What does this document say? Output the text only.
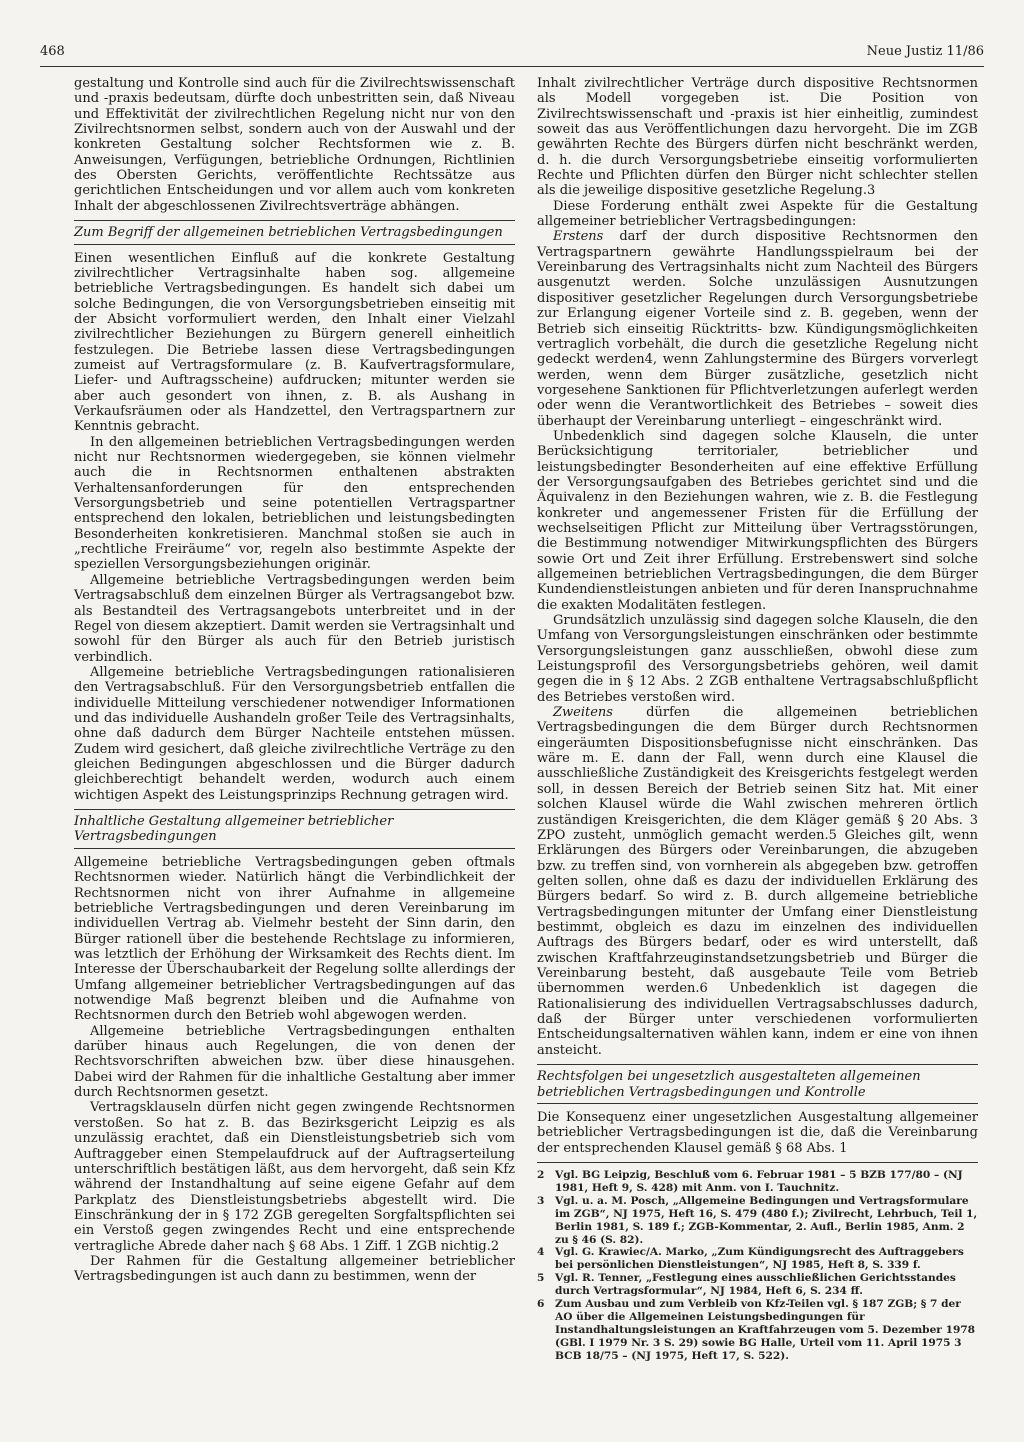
468	Neue Justiz 11/86

gestaltung und Kontrolle sind auch für die Zivilrechtswissenschaft und -praxis bedeutsam, dürfte doch unbestritten sein, daß Niveau und Effektivität der zivilrechtlichen Regelung nicht nur von den Zivilrechtsnormen selbst, sondern auch von der Auswahl und der konkreten Gestaltung solcher Rechtsformen wie z. B. Anweisungen, Verfügungen, betriebliche Ordnungen, Richtlinien des Obersten Gerichts, veröffentlichte Rechtssätze aus gerichtlichen Entscheidungen und vor allem auch vom konkreten Inhalt der abgeschlossenen Zivilrechtsverträge abhängen.

Zum Begriff der allgemeinen betrieblichen Vertragsbedingungen

Einen wesentlichen Einfluß auf die konkrete Gestaltung zivilrechtlicher Vertragsinhalte haben sog. allgemeine betriebliche Vertragsbedingungen. Es handelt sich dabei um solche Bedingungen, die von Versorgungsbetrieben einseitig mit der Absicht vorformuliert werden, den Inhalt einer Vielzahl zivilrechtlicher Beziehungen zu Bürgern generell einheitlich festzulegen. Die Betriebe lassen diese Vertragsbedingungen zumeist auf Vertragsformulare (z. B. Kaufvertragsformulare, Liefer- und Auftragsscheine) aufdrucken; mitunter werden sie aber auch gesondert von ihnen, z. B. als Aushang in Verkaufsräumen oder als Handzettel, den Vertragspartnern zur Kenntnis gebracht.

In den allgemeinen betrieblichen Vertragsbedingungen werden nicht nur Rechtsnormen wiedergegeben, sie können vielmehr auch die in Rechtsnormen enthaltenen abstrakten Verhaltensanforderungen für den entsprechenden Versorgungsbetrieb und seine potentiellen Vertragspartner entsprechend den lokalen, betrieblichen und leistungsbedingten Besonderheiten konkretisieren. Manchmal stoßen sie auch in „rechtliche Freiräume“ vor, regeln also bestimmte Aspekte der speziellen Versorgungsbeziehungen originär.

Allgemeine betriebliche Vertragsbedingungen werden beim Vertragsabschluß dem einzelnen Bürger als Vertragsangebot bzw. als Bestandteil des Vertragsangebots unterbreitet und in der Regel von diesem akzeptiert. Damit werden sie Vertragsinhalt und sowohl für den Bürger als auch für den Betrieb juristisch verbindlich.

Allgemeine betriebliche Vertragsbedingungen rationalisieren den Vertragsabschluß. Für den Versorgungsbetrieb entfallen die individuelle Mitteilung verschiedener notwendiger Informationen und das individuelle Aushandeln großer Teile des Vertragsinhalts, ohne daß dadurch dem Bürger Nachteile entstehen müssen. Zudem wird gesichert, daß gleiche zivilrechtliche Verträge zu den gleichen Bedingungen abgeschlossen und die Bürger dadurch gleichberechtigt behandelt werden, wodurch auch einem wichtigen Aspekt des Leistungsprinzips Rechnung getragen wird.

Inhaltliche Gestaltung allgemeiner betrieblicher Vertragsbedingungen

Allgemeine betriebliche Vertragsbedingungen geben oftmals Rechtsnormen wieder. Natürlich hängt die Verbindlichkeit der Rechtsnormen nicht von ihrer Aufnahme in allgemeine betriebliche Vertragsbedingungen und deren Vereinbarung im individuellen Vertrag ab. Vielmehr besteht der Sinn darin, den Bürger rationell über die bestehende Rechtslage zu informieren, was letztlich der Erhöhung der Wirksamkeit des Rechts dient. Im Interesse der Überschaubarkeit der Regelung sollte allerdings der Umfang allgemeiner betrieblicher Vertragsbedingungen auf das notwendige Maß begrenzt bleiben und die Aufnahme von Rechtsnormen durch den Betrieb wohl abgewogen werden.

Allgemeine betriebliche Vertragsbedingungen enthalten darüber hinaus auch Regelungen, die von denen der Rechtsvorschriften abweichen bzw. über diese hinausgehen. Dabei wird der Rahmen für die inhaltliche Gestaltung aber immer durch Rechtsnormen gesetzt.

Vertragsklauseln dürfen nicht gegen zwingende Rechtsnormen verstoßen. So hat z. B. das Bezirksgericht Leipzig es als unzulässig erachtet, daß ein Dienstleistungsbetrieb sich vom Auftraggeber einen Stempelaufdruck auf der Auftragserteilung unterschriftlich bestätigen läßt, aus dem hervorgeht, daß sein Kfz während der Instandhaltung auf seine eigene Gefahr auf dem Parkplatz des Dienstleistungsbetriebs abgestellt wird. Die Einschränkung der in § 172 ZGB geregelten Sorgfaltspflichten sei ein Verstoß gegen zwingendes Recht und eine entsprechende vertragliche Abrede daher nach § 68 Abs. 1 Ziff. 1 ZGB nichtig.2

Der Rahmen für die Gestaltung allgemeiner betrieblicher Vertragsbedingungen ist auch dann zu bestimmen, wenn der

Inhalt zivilrechtlicher Verträge durch dispositive Rechtsnormen als Modell vorgegeben ist. Die Position von Zivilrechtswissenschaft und -praxis ist hier einheitlig, zumindest soweit das aus Veröffentlichungen dazu hervorgeht. Die im ZGB gewährten Rechte des Bürgers dürfen nicht beschränkt werden, d. h. die durch Versorgungsbetriebe einseitig vorformulierten Rechte und Pflichten dürfen den Bürger nicht schlechter stellen als die jeweilige dispositive gesetzliche Regelung.3

Diese Forderung enthält zwei Aspekte für die Gestaltung allgemeiner betrieblicher Vertragsbedingungen:

Erstens darf der durch dispositive Rechtsnormen den Vertragspartnern gewährte Handlungsspielraum bei der Vereinbarung des Vertragsinhalts nicht zum Nachteil des Bürgers ausgenutzt werden. Solche unzulässigen Ausnutzungen dispositiver gesetzlicher Regelungen durch Versorgungsbetriebe zur Erlangung eigener Vorteile sind z. B. gegeben, wenn der Betrieb sich einseitig Rücktritts- bzw. Kündigungsmöglichkeiten vertraglich vorbehält, die durch die gesetzliche Regelung nicht gedeckt werden4, wenn Zahlungstermine des Bürgers vorverlegt werden, wenn dem Bürger zusätzliche, gesetzlich nicht vorgesehene Sanktionen für Pflichtverletzungen auferlegt werden oder wenn die Verantwortlichkeit des Betriebes – soweit dies überhaupt der Vereinbarung unterliegt – eingeschränkt wird.

Unbedenklich sind dagegen solche Klauseln, die unter Berücksichtigung territorialer, betrieblicher und leistungsbedingter Besonderheiten auf eine effektive Erfüllung der Versorgungsaufgaben des Betriebes gerichtet sind und die Äquivalenz in den Beziehungen wahren, wie z. B. die Festlegung konkreter und angemessener Fristen für die Erfüllung der wechselseitigen Pflicht zur Mitteilung über Vertragsstörungen, die Bestimmung notwendiger Mitwirkungspflichten des Bürgers sowie Ort und Zeit ihrer Erfüllung. Erstrebenswert sind solche allgemeinen betrieblichen Vertragsbedingungen, die dem Bürger Kundendienstleistungen anbieten und für deren Inanspruchnahme die exakten Modalitäten festlegen.

Grundsätzlich unzulässig sind dagegen solche Klauseln, die den Umfang von Versorgungsleistungen einschränken oder bestimmte Versorgungsleistungen ganz ausschließen, obwohl diese zum Leistungsprofil des Versorgungsbetriebs gehören, weil damit gegen die in § 12 Abs. 2 ZGB enthaltene Vertragsabschlußpflicht des Betriebes verstoßen wird.

Zweitens dürfen die allgemeinen betrieblichen Vertragsbedingungen die dem Bürger durch Rechtsnormen eingeräumten Dispositionsbefugnisse nicht einschränken. Das wäre m. E. dann der Fall, wenn durch eine Klausel die ausschließliche Zuständigkeit des Kreisgerichts festgelegt werden soll, in dessen Bereich der Betrieb seinen Sitz hat. Mit einer solchen Klausel würde die Wahl zwischen mehreren örtlich zuständigen Kreisgerichten, die dem Kläger gemäß § 20 Abs. 3 ZPO zusteht, unmöglich gemacht werden.5 Gleiches gilt, wenn Erklärungen des Bürgers oder Vereinbarungen, die abzugeben bzw. zu treffen sind, von vornherein als abgegeben bzw. getroffen gelten sollen, ohne daß es dazu der individuellen Erklärung des Bürgers bedarf. So wird z. B. durch allgemeine betriebliche Vertragsbedingungen mitunter der Umfang einer Dienstleistung bestimmt, obgleich es dazu im einzelnen des individuellen Auftrags des Bürgers bedarf, oder es wird unterstellt, daß zwischen Kraftfahrzeuginstandsetzungsbetrieb und Bürger die Vereinbarung besteht, daß ausgebaute Teile vom Betrieb übernommen werden.6 Unbedenklich ist dagegen die Rationalisierung des individuellen Vertragsabschlusses dadurch, daß der Bürger unter verschiedenen vorformulierten Entscheidungsalternativen wählen kann, indem er eine von ihnen ansteicht.

Rechtsfolgen bei ungesetzlich ausgestalteten allgemeinen betrieblichen Vertragsbedingungen und Kontrolle

Die Konsequenz einer ungesetzlichen Ausgestaltung allgemeiner betrieblicher Vertragsbedingungen ist die, daß die Vereinbarung der entsprechenden Klausel gemäß § 68 Abs. 1

2	Vgl. BG Leipzig, Beschluß vom 6. Februar 1981 – 5 BZB 177/80 – (NJ 1981, Heft 9, S. 428) mit Anm. von I. Tauchnitz.
3	Vgl. u. a. M. Posch, „Allgemeine Bedingungen und Vertragsformulare im ZGB“, NJ 1975, Heft 16, S. 479 (480 f.); Zivilrecht, Lehrbuch, Teil 1, Berlin 1981, S. 189 f.; ZGB-Kommentar, 2. Aufl., Berlin 1985, Anm. 2 zu § 46 (S. 82).
4	Vgl. G. Krawiec/A. Marko, „Zum Kündigungsrecht des Auftraggebers bei persönlichen Dienstleistungen“, NJ 1985, Heft 8, S. 339 f.
5	Vgl. R. Tenner, „Festlegung eines ausschließlichen Gerichtsstandes durch Vertragsformular“, NJ 1984, Heft 6, S. 234 ff.
6	Zum Ausbau und zum Verbleib von Kfz-Teilen vgl. § 187 ZGB; § 7 der AO über die Allgemeinen Leistungsbedingungen für Instandhaltungsleistungen an Kraftfahrzeugen vom 5. Dezember 1978 (GBl. I 1979 Nr. 3 S. 29) sowie BG Halle, Urteil vom 11. April 1975 3 BCB 18/75 – (NJ 1975, Heft 17, S. 522).
